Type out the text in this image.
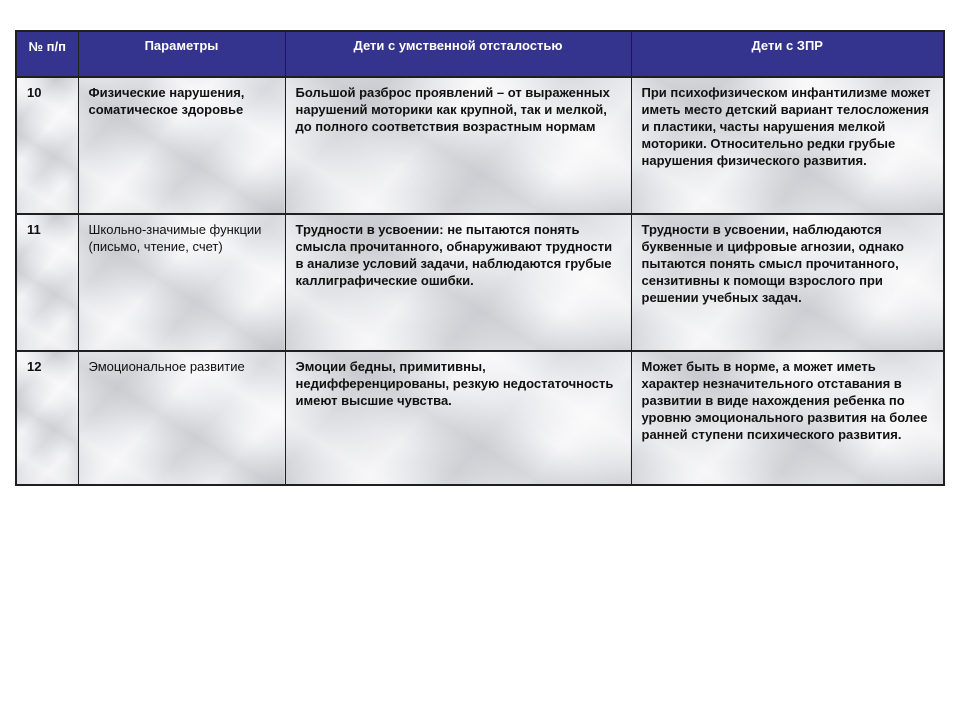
№ п/п	Параметры	Дети с умственной отсталостью	Дети с ЗПР
10	Физические нарушения, соматическое здоровье	Большой разброс проявлений – от выраженных нарушений моторики как крупной, так и мелкой, до полного соответствия возрастным нормам	При психофизическом инфантилизме может иметь место детский вариант телосложения и пластики, часты нарушения мелкой моторики. Относительно редки грубые нарушения физического развития.
11	Школьно-значимые функции (письмо, чтение, счет)	Трудности в усвоении: не пытаются понять смысла прочитанного, обнаруживают трудности в анализе условий задачи, наблюдаются грубые каллиграфические ошибки.	Трудности в усвоении, наблюдаются буквенные и цифровые агнозии, однако пытаются понять смысл прочитанного, сензитивны к помощи взрослого при решении учебных задач.
12	Эмоциональное развитие	Эмоции бедны, примитивны, недифференцированы, резкую недостаточность имеют высшие чувства.	Может быть в норме, а может иметь характер незначительного отставания в развитии в виде нахождения ребенка по уровню эмоционального развития на более ранней ступени психического развития.
